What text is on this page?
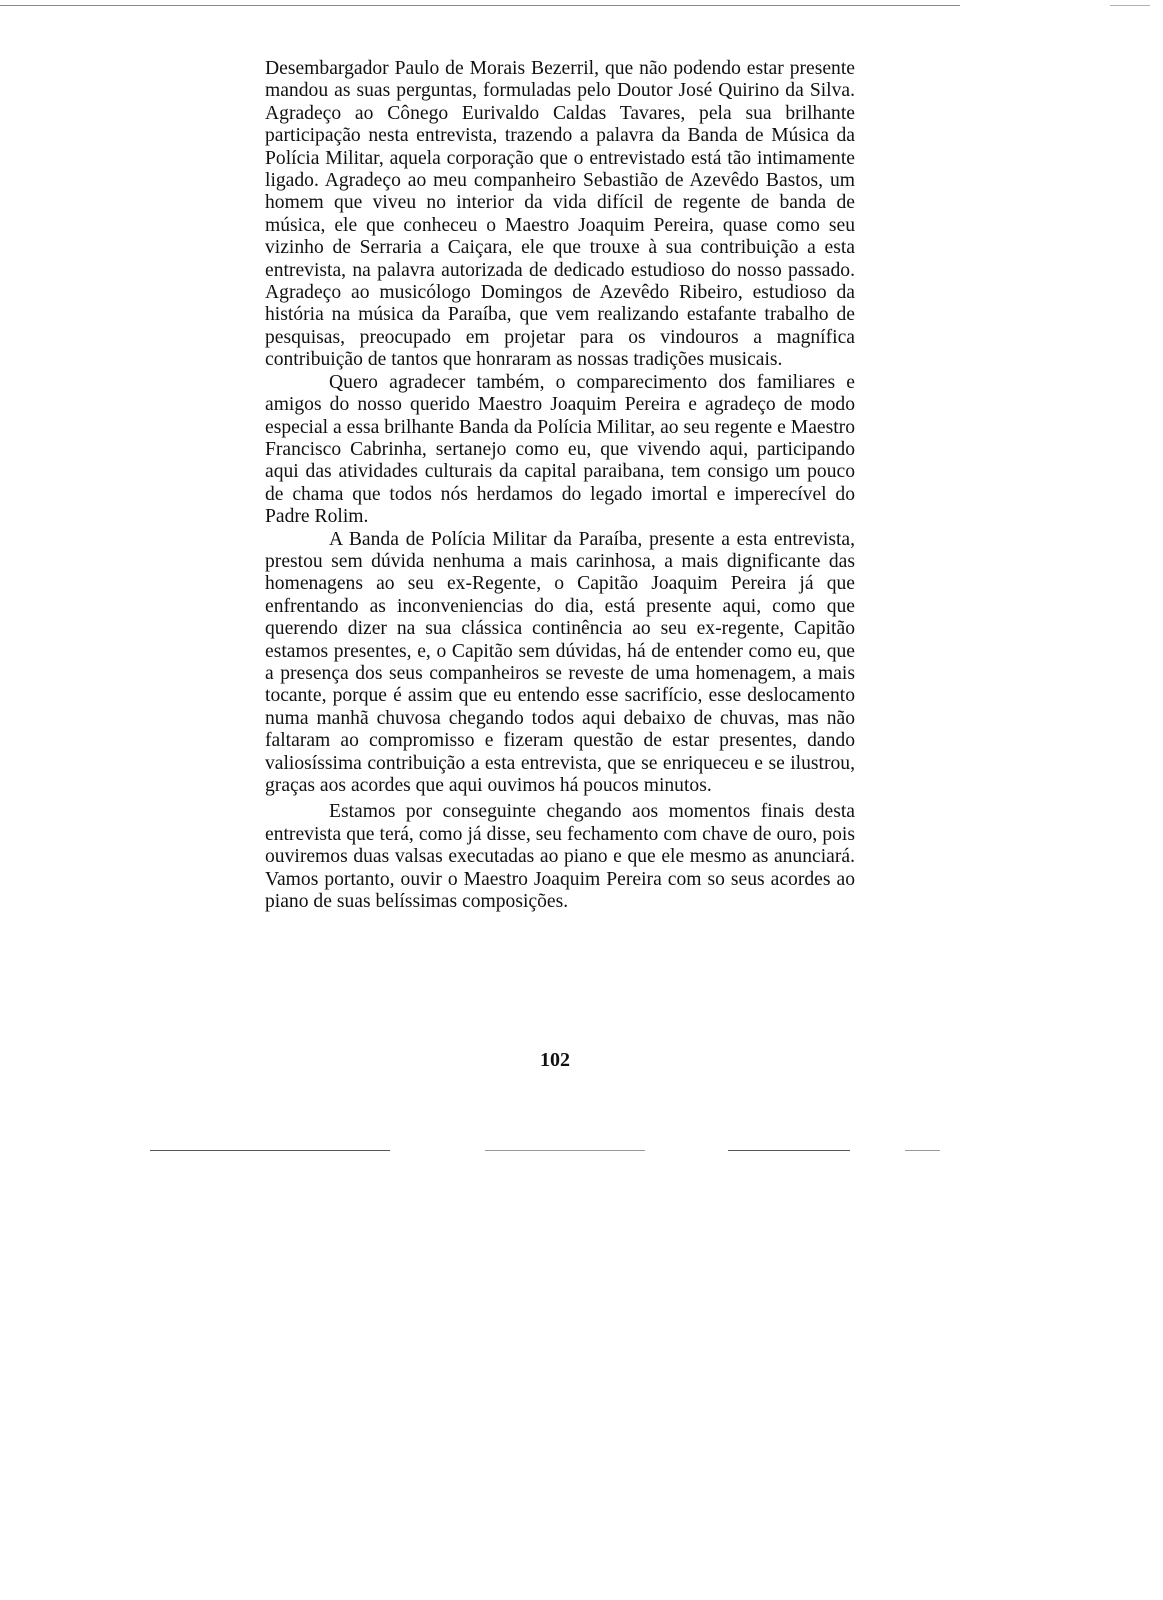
Desembargador Paulo de Morais Bezerril, que não podendo estar presente mandou as suas perguntas, formuladas pelo Doutor José Quirino da Silva. Agradeço ao Cônego Eurivaldo Caldas Tavares, pela sua brilhante participação nesta entrevista, trazendo a palavra da Banda de Música da Polícia Militar, aquela corporação que o entrevistado está tão intimamente ligado. Agradeço ao meu companheiro Sebastião de Azevêdo Bastos, um homem que viveu no interior da vida difícil de regente de banda de música, ele que conheceu o Maestro Joaquim Pereira, quase como seu vizinho de Serraria a Caiçara, ele que trouxe à sua contribuição a esta entrevista, na palavra autorizada de dedicado estudioso do nosso passado. Agradeço ao musicólogo Domingos de Azevêdo Ribeiro, estudioso da história na música da Paraíba, que vem realizando estafante trabalho de pesquisas, preocupado em projetar para os vindouros a magnífica contribuição de tantos que honraram as nossas tradições musicais.

Quero agradecer também, o comparecimento dos familiares e amigos do nosso querido Maestro Joaquim Pereira e agradeço de modo especial a essa brilhante Banda da Polícia Militar, ao seu regente e Maestro Francisco Cabrinha, sertanejo como eu, que vivendo aqui, participando aqui das atividades culturais da capital paraibana, tem consigo um pouco de chama que todos nós herdamos do legado imortal e imperecível do Padre Rolim.

A Banda de Polícia Militar da Paraíba, presente a esta entrevista, prestou sem dúvida nenhuma a mais carinhosa, a mais dignificante das homenagens ao seu ex-Regente, o Capitão Joaquim Pereira já que enfrentando as inconveniencias do dia, está presente aqui, como que querendo dizer na sua clássica continência ao seu ex-regente, Capitão estamos presentes, e, o Capitão sem dúvidas, há de entender como eu, que a presença dos seus companheiros se reveste de uma homenagem, a mais tocante, porque é assim que eu entendo esse sacrifício, esse deslocamento numa manhã chuvosa chegando todos aqui debaixo de chuvas, mas não faltaram ao compromisso e fizeram questão de estar presentes, dando valiosíssima contribuição a esta entrevista, que se enriqueceu e se ilustrou, graças aos acordes que aqui ouvimos há poucos minutos.

Estamos por conseguinte chegando aos momentos finais desta entrevista que terá, como já disse, seu fechamento com chave de ouro, pois ouviremos duas valsas executadas ao piano e que ele mesmo as anunciará. Vamos portanto, ouvir o Maestro Joaquim Pereira com so seus acordes ao piano de suas belíssimas composições.

102
